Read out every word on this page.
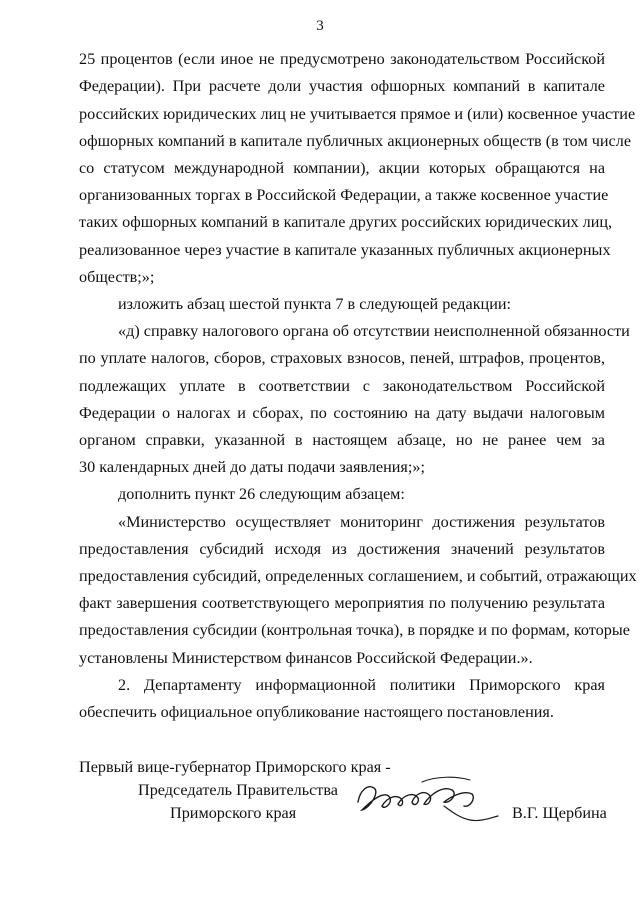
3
25 процентов (если иное не предусмотрено законодательством Российской
Федерации). При расчете доли участия офшорных компаний в капитале
российских юридических лиц не учитывается прямое и (или) косвенное участие
офшорных компаний в капитале публичных акционерных обществ (в том числе
со статусом международной компании), акции которых обращаются на
организованных торгах в Российской Федерации, а также косвенное участие
таких офшорных компаний в капитале других российских юридических лиц,
реализованное через участие в капитале указанных публичных акционерных
обществ;»;
изложить абзац шестой пункта 7 в следующей редакции:
«д) справку налогового органа об отсутствии неисполненной обязанности
по уплате налогов, сборов, страховых взносов, пеней, штрафов, процентов,
подлежащих уплате в соответствии с законодательством Российской
Федерации о налогах и сборах, по состоянию на дату выдачи налоговым
органом справки, указанной в настоящем абзаце, но не ранее чем за
30 календарных дней до даты подачи заявления;»;
дополнить пункт 26 следующим абзацем:
«Министерство осуществляет мониторинг достижения результатов
предоставления субсидий исходя из достижения значений результатов
предоставления субсидий, определенных соглашением, и событий, отражающих
факт завершения соответствующего мероприятия по получению результата
предоставления субсидии (контрольная точка), в порядке и по формам, которые
установлены Министерством финансов Российской Федерации.».
2. Департаменту информационной политики Приморского края
обеспечить официальное опубликование настоящего постановления.
Первый вице-губернатор Приморского края -
Председатель Правительства
Приморского края	В.Г. Щербина
